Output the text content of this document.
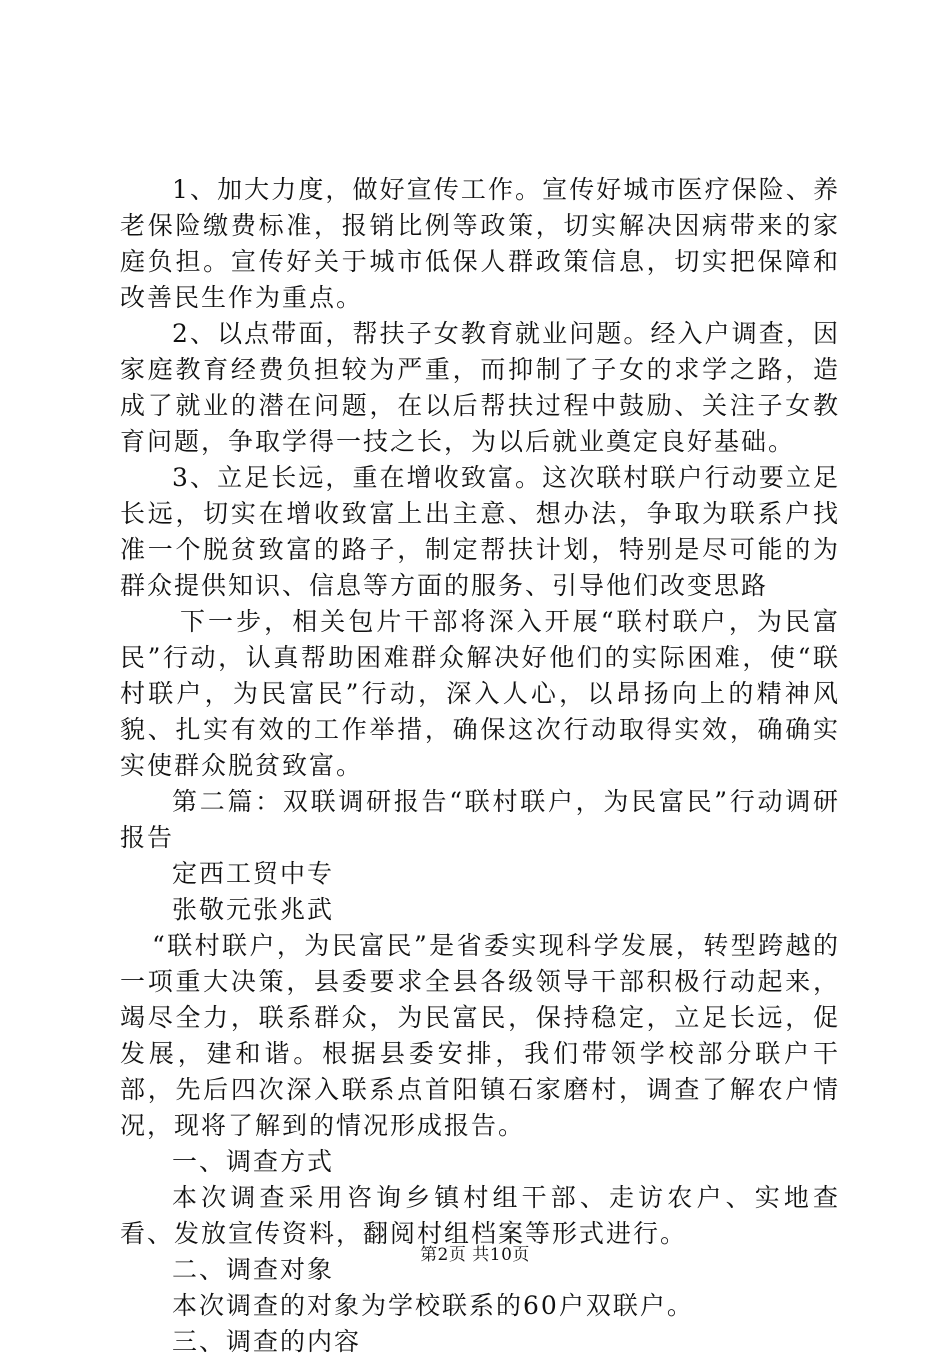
1、加大力度，做好宣传工作。宣传好城市医疗保险、养老保险缴费标准，报销比例等政策，切实解决因病带来的家庭负担。宣传好关于城市低保人群政策信息，切实把保障和改善民生作为重点。

2、以点带面，帮扶子女教育就业问题。经入户调查，因家庭教育经费负担较为严重，而抑制了子女的求学之路，造成了就业的潜在问题，在以后帮扶过程中鼓励、关注子女教育问题，争取学得一技之长，为以后就业奠定良好基础。

3、立足长远，重在增收致富。这次联村联户行动要立足长远，切实在增收致富上出主意、想办法，争取为联系户找准一个脱贫致富的路子，制定帮扶计划，特别是尽可能的为群众提供知识、信息等方面的服务、引导他们改变思路

下一步，相关包片干部将深入开展“联村联户，为民富民”行动，认真帮助困难群众解决好他们的实际困难，使“联村联户，为民富民”行动，深入人心，以昂扬向上的精神风貌、扎实有效的工作举措，确保这次行动取得实效，确确实实使群众脱贫致富。

第二篇：双联调研报告“联村联户，为民富民”行动调研报告

定西工贸中专

张敬元张兆武

“联村联户，为民富民”是省委实现科学发展，转型跨越的一项重大决策，县委要求全县各级领导干部积极行动起来，竭尽全力，联系群众，为民富民，保持稳定，立足长远，促发展，建和谐。根据县委安排，我们带领学校部分联户干部，先后四次深入联系点首阳镇石家磨村，调查了解农户情况，现将了解到的情况形成报告。

一、调查方式

本次调查采用咨询乡镇村组干部、走访农户、实地查看、发放宣传资料，翻阅村组档案等形式进行。

二、调查对象

本次调查的对象为学校联系的60户双联户。

三、调查的内容

第2页 共10页
